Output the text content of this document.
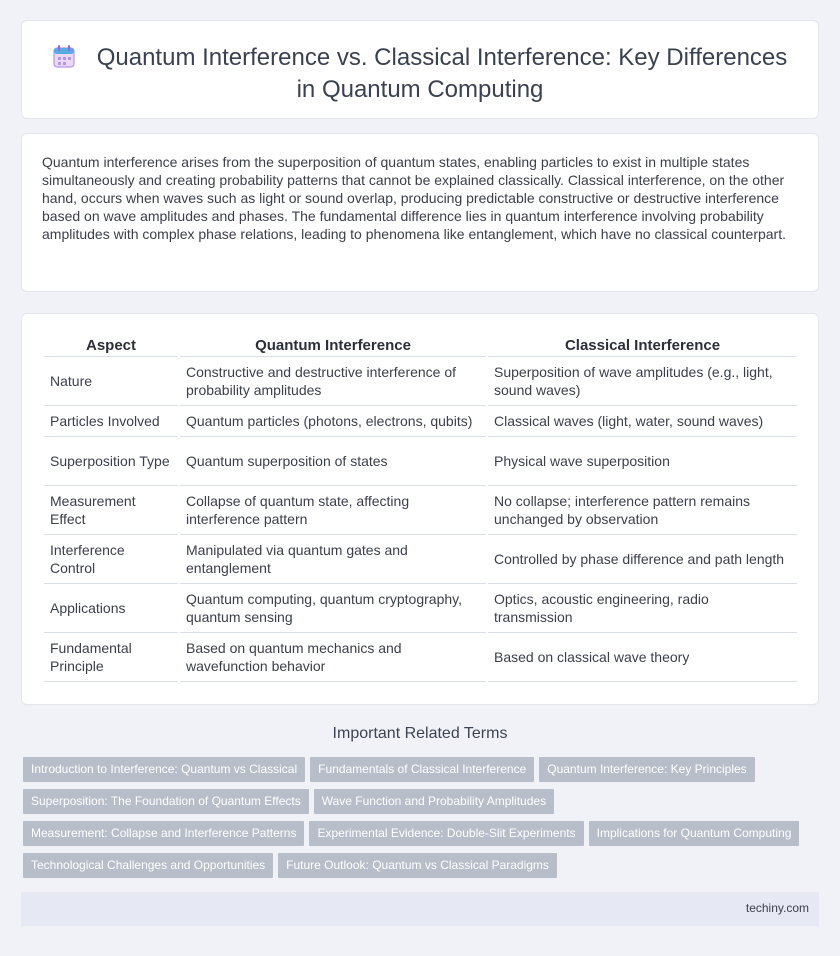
Quantum Interference vs. Classical Interference: Key Differences in Quantum Computing

Quantum interference arises from the superposition of quantum states, enabling particles to exist in multiple states simultaneously and creating probability patterns that cannot be explained classically. Classical interference, on the other hand, occurs when waves such as light or sound overlap, producing predictable constructive or destructive interference based on wave amplitudes and phases. The fundamental difference lies in quantum interference involving probability amplitudes with complex phase relations, leading to phenomena like entanglement, which have no classical counterpart.

Aspect	Quantum Interference	Classical Interference
Nature	Constructive and destructive interference of probability amplitudes	Superposition of wave amplitudes (e.g., light, sound waves)
Particles Involved	Quantum particles (photons, electrons, qubits)	Classical waves (light, water, sound waves)
Superposition Type	Quantum superposition of states	Physical wave superposition
Measurement Effect	Collapse of quantum state, affecting interference pattern	No collapse; interference pattern remains unchanged by observation
Interference Control	Manipulated via quantum gates and entanglement	Controlled by phase difference and path length
Applications	Quantum computing, quantum cryptography, quantum sensing	Optics, acoustic engineering, radio transmission
Fundamental Principle	Based on quantum mechanics and wavefunction behavior	Based on classical wave theory
Important Related Terms
Introduction to Interference: Quantum vs Classical Fundamentals of Classical Interference Quantum Interference: Key Principles
Superposition: The Foundation of Quantum Effects Wave Function and Probability Amplitudes
Measurement: Collapse and Interference Patterns Experimental Evidence: Double-Slit Experiments Implications for Quantum Computing
Technological Challenges and Opportunities Future Outlook: Quantum vs Classical Paradigms
techiny.com
